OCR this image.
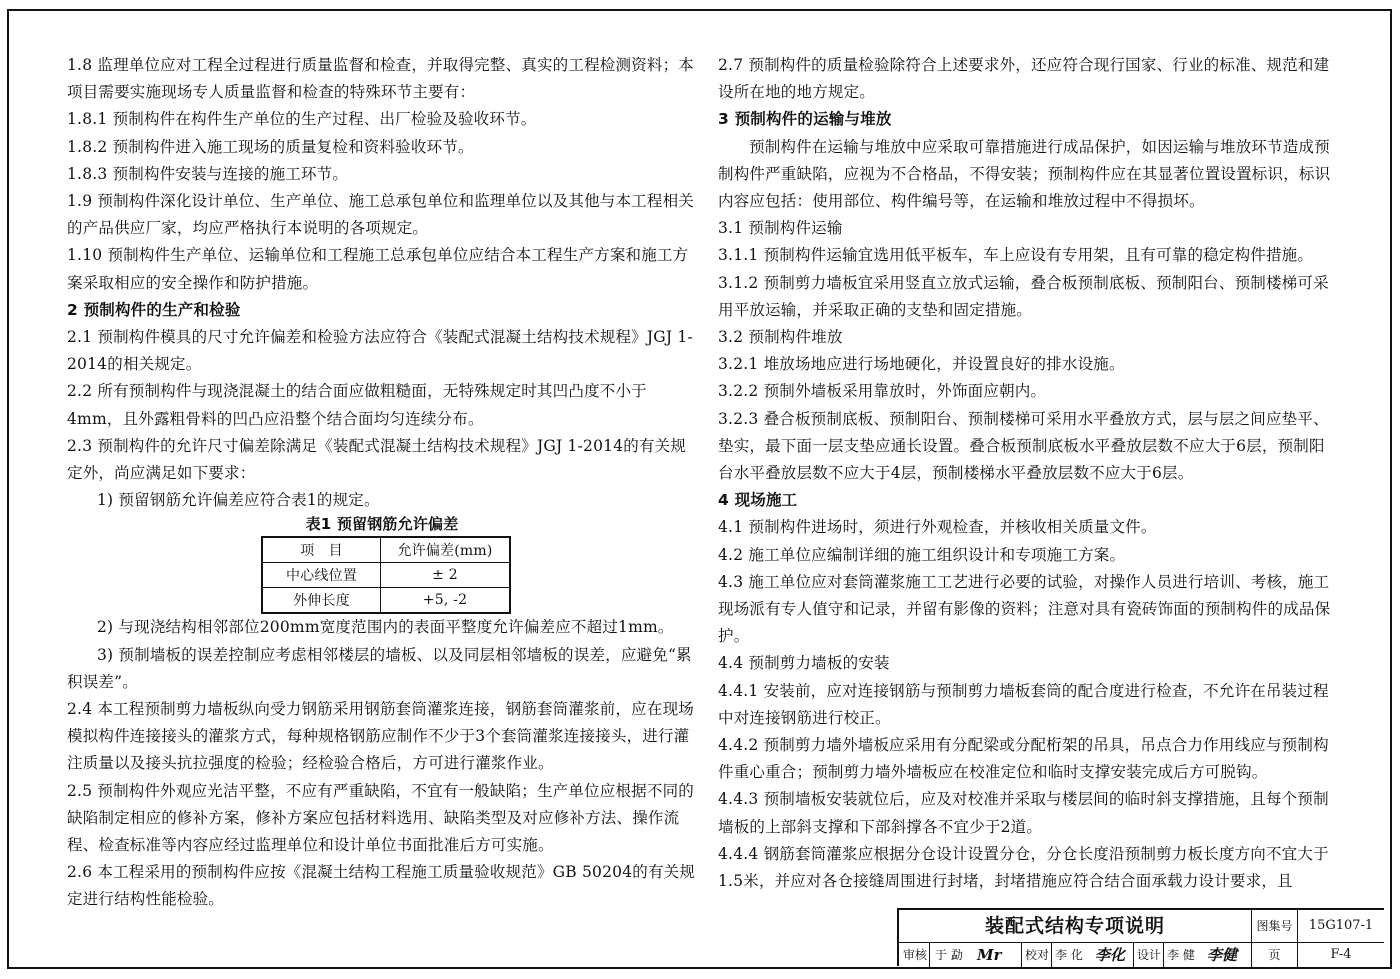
1.8 监理单位应对工程全过程进行质量监督和检查，并取得完整、真实的工程检测资料；本项目需要实施现场专人质量监督和检查的特殊环节主要有：

1.8.1 预制构件在构件生产单位的生产过程、出厂检验及验收环节。

1.8.2 预制构件进入施工现场的质量复检和资料验收环节。

1.8.3 预制构件安装与连接的施工环节。

1.9 预制构件深化设计单位、生产单位、施工总承包单位和监理单位以及其他与本工程相关的产品供应厂家，均应严格执行本说明的各项规定。

1.10 预制构件生产单位、运输单位和工程施工总承包单位应结合本工程生产方案和施工方案采取相应的安全操作和防护措施。

2 预制构件的生产和检验

2.1 预制构件模具的尺寸允许偏差和检验方法应符合《装配式混凝土结构技术规程》JGJ 1-2014的相关规定。

2.2 所有预制构件与现浇混凝土的结合面应做粗糙面，无特殊规定时其凹凸度不小于4mm，且外露粗骨料的凹凸应沿整个结合面均匀连续分布。

2.3 预制构件的允许尺寸偏差除满足《装配式混凝土结构技术规程》JGJ 1-2014的有关规定外，尚应满足如下要求：

1) 预留钢筋允许偏差应符合表1的规定。

表1 预留钢筋允许偏差

项　目	允许偏差(mm)
中心线位置	± 2
外伸长度	+5, -2

2) 与现浇结构相邻部位200mm宽度范围内的表面平整度允许偏差应不超过1mm。

3) 预制墙板的误差控制应考虑相邻楼层的墙板、以及同层相邻墙板的误差，应避免“累积误差”。

2.4 本工程预制剪力墙板纵向受力钢筋采用钢筋套筒灌浆连接，钢筋套筒灌浆前，应在现场模拟构件连接接头的灌浆方式，每种规格钢筋应制作不少于3个套筒灌浆连接接头，进行灌注质量以及接头抗拉强度的检验；经检验合格后，方可进行灌浆作业。

2.5 预制构件外观应光洁平整，不应有严重缺陷，不宜有一般缺陷；生产单位应根据不同的缺陷制定相应的修补方案，修补方案应包括材料选用、缺陷类型及对应修补方法、操作流程、检查标准等内容应经过监理单位和设计单位书面批准后方可实施。

2.6 本工程采用的预制构件应按《混凝土结构工程施工质量验收规范》GB 50204的有关规定进行结构性能检验。

2.7 预制构件的质量检验除符合上述要求外，还应符合现行国家、行业的标准、规范和建设所在地的地方规定。

3 预制构件的运输与堆放

预制构件在运输与堆放中应采取可靠措施进行成品保护，如因运输与堆放环节造成预制构件严重缺陷，应视为不合格品，不得安装；预制构件应在其显著位置设置标识，标识内容应包括：使用部位、构件编号等，在运输和堆放过程中不得损坏。

3.1 预制构件运输

3.1.1 预制构件运输宜选用低平板车，车上应设有专用架，且有可靠的稳定构件措施。

3.1.2 预制剪力墙板宜采用竖直立放式运输，叠合板预制底板、预制阳台、预制楼梯可采用平放运输，并采取正确的支垫和固定措施。

3.2 预制构件堆放

3.2.1 堆放场地应进行场地硬化，并设置良好的排水设施。

3.2.2 预制外墙板采用靠放时，外饰面应朝内。

3.2.3 叠合板预制底板、预制阳台、预制楼梯可采用水平叠放方式，层与层之间应垫平、垫实，最下面一层支垫应通长设置。叠合板预制底板水平叠放层数不应大于6层，预制阳台水平叠放层数不应大于4层，预制楼梯水平叠放层数不应大于6层。

4 现场施工

4.1 预制构件进场时，须进行外观检查，并核收相关质量文件。

4.2 施工单位应编制详细的施工组织设计和专项施工方案。

4.3 施工单位应对套筒灌浆施工工艺进行必要的试验，对操作人员进行培训、考核，施工现场派有专人值守和记录，并留有影像的资料；注意对具有瓷砖饰面的预制构件的成品保护。

4.4 预制剪力墙板的安装

4.4.1 安装前，应对连接钢筋与预制剪力墙板套筒的配合度进行检查，不允许在吊装过程中对连接钢筋进行校正。

4.4.2 预制剪力墙外墙板应采用有分配梁或分配桁架的吊具，吊点合力作用线应与预制构件重心重合；预制剪力墙外墙板应在校准定位和临时支撑安装完成后方可脱钩。

4.4.3 预制墙板安装就位后，应及对校准并采取与楼层间的临时斜支撑措施，且每个预制墙板的上部斜支撑和下部斜撑各不宜少于2道。

4.4.4 钢筋套筒灌浆应根据分仓设计设置分仓，分仓长度沿预制剪力板长度方向不宜大于1.5米，并应对各仓接缝周围进行封堵，封堵措施应符合结合面承载力设计要求，且

装配式结构专项说明	图集号	15G107-1
审核 于 勐 Mr 校对 李 化 李化 设计 李 健 李健	页	F-4
